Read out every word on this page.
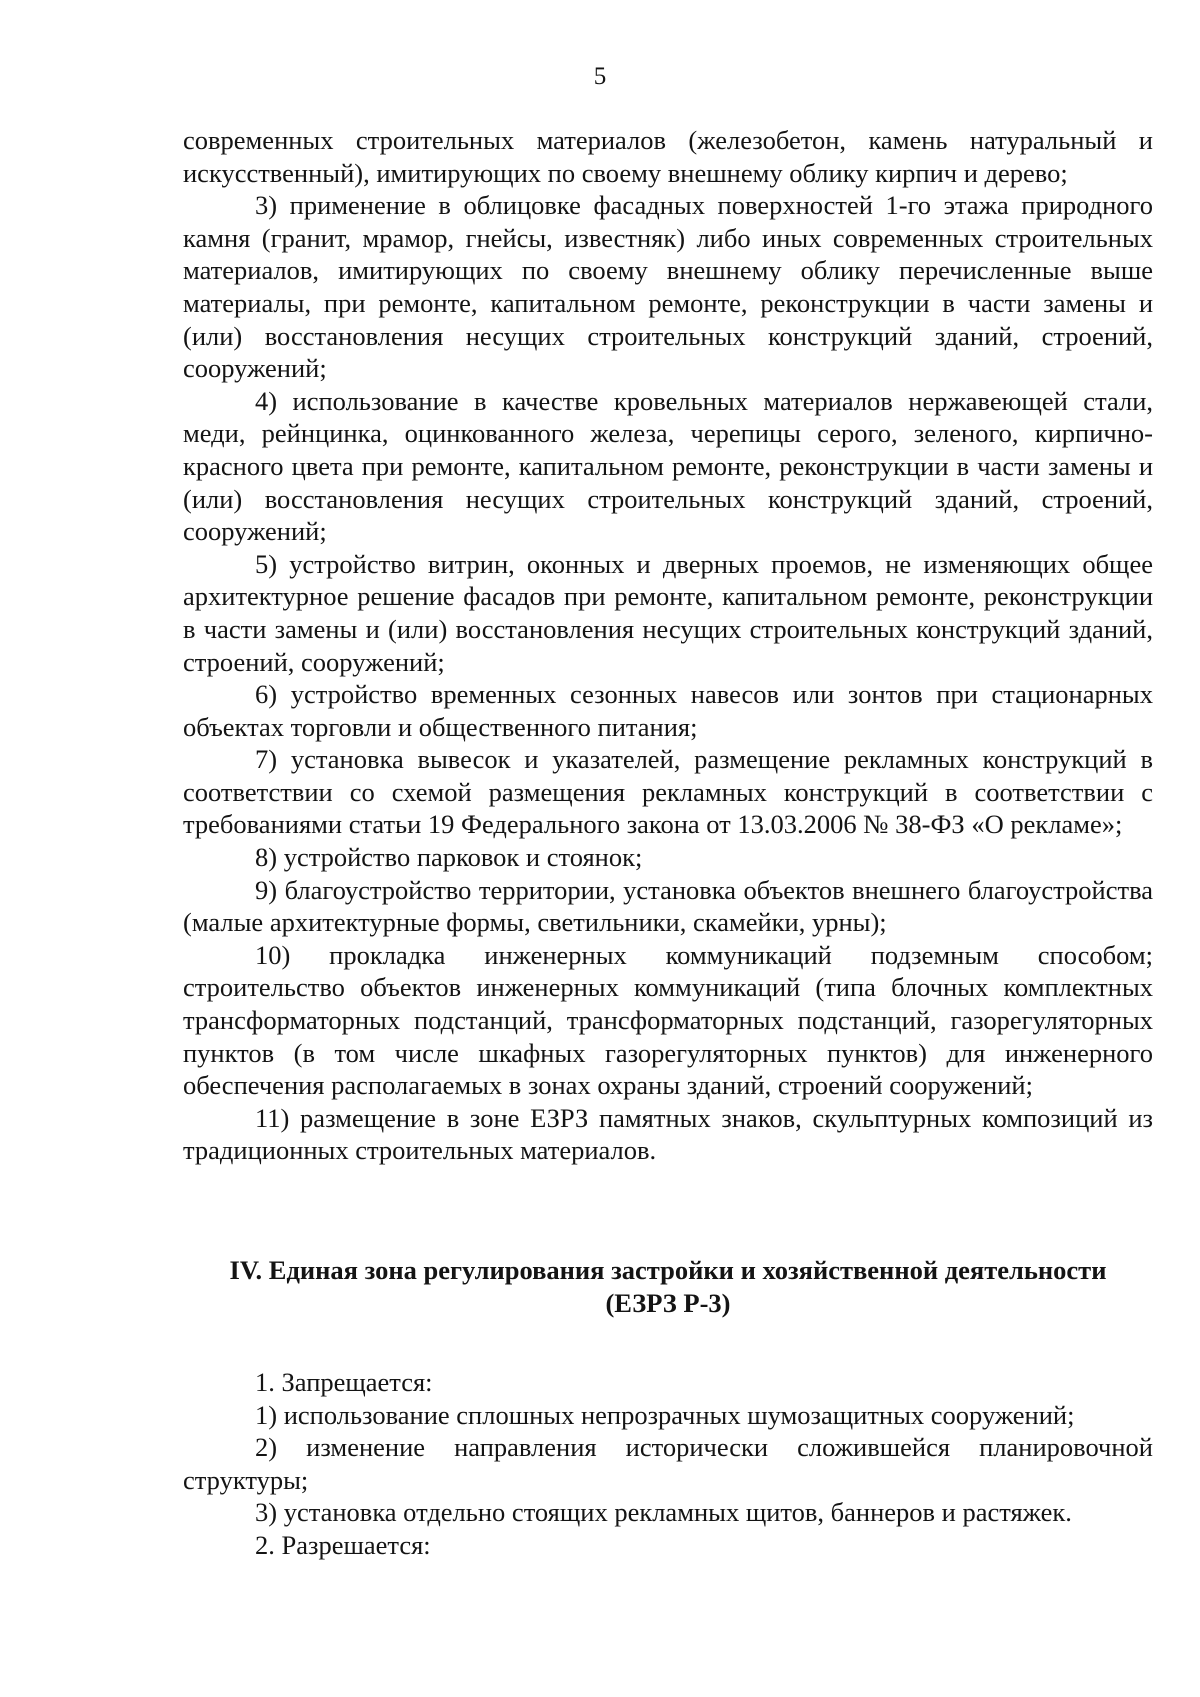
5

современных строительных материалов (железобетон, камень натуральный и искусственный), имитирующих по своему внешнему облику кирпич и дерево;

3) применение в облицовке фасадных поверхностей 1-го этажа природного камня (гранит, мрамор, гнейсы, известняк) либо иных современных строительных материалов, имитирующих по своему внешнему облику перечисленные выше материалы, при ремонте, капитальном ремонте, реконструкции в части замены и (или) восстановления несущих строительных конструкций зданий, строений, сооружений;

4) использование в качестве кровельных материалов нержавеющей стали, меди, рейнцинка, оцинкованного железа, черепицы серого, зеленого, кирпично-красного цвета при ремонте, капитальном ремонте, реконструкции в части замены и (или) восстановления несущих строительных конструкций зданий, строений, сооружений;

5) устройство витрин, оконных и дверных проемов, не изменяющих общее архитектурное решение фасадов при ремонте, капитальном ремонте, реконструкции в части замены и (или) восстановления несущих строительных конструкций зданий, строений, сооружений;

6) устройство временных сезонных навесов или зонтов при стационарных объектах торговли и общественного питания;

7) установка вывесок и указателей, размещение рекламных конструкций в соответствии со схемой размещения рекламных конструкций в соответствии с требованиями статьи 19 Федерального закона от 13.03.2006 № 38-ФЗ «О рекламе»;

8) устройство парковок и стоянок;

9) благоустройство территории, установка объектов внешнего благоустройства (малые архитектурные формы, светильники, скамейки, урны);

10) прокладка инженерных коммуникаций подземным способом; строительство объектов инженерных коммуникаций (типа блочных комплектных трансформаторных подстанций, трансформаторных подстанций, газорегуляторных пунктов (в том числе шкафных газорегуляторных пунктов) для инженерного обеспечения располагаемых в зонах охраны зданий, строений сооружений;

11) размещение в зоне ЕЗРЗ памятных знаков, скульптурных композиций из традиционных строительных материалов.

IV. Единая зона регулирования застройки и хозяйственной деятельности
(ЕЗРЗ Р-3)

1. Запрещается:

1) использование сплошных непрозрачных шумозащитных сооружений;

2) изменение направления исторически сложившейся планировочной структуры;

3) установка отдельно стоящих рекламных щитов, баннеров и растяжек.

2. Разрешается:
